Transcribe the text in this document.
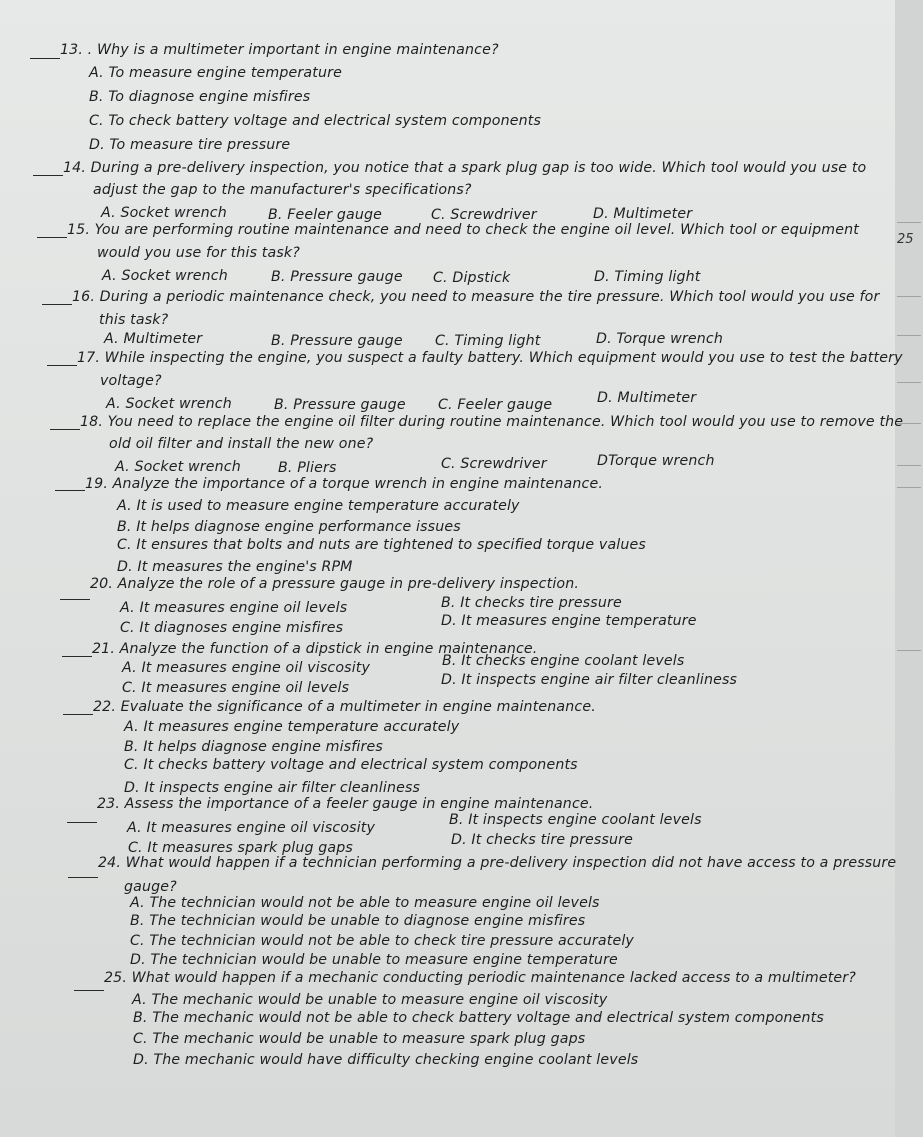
25
13. . Why is a multimeter important in engine maintenance?
A. To measure engine temperature
B. To diagnose engine misfires
C. To check battery voltage and electrical system components
D. To measure tire pressure
14. During a pre-delivery inspection, you notice that a spark plug gap is too wide. Which tool would you use to
adjust the gap to the manufacturer's specifications?
A. Socket wrench	B. Feeler gauge	C. Screwdriver	D. Multimeter
15. You are performing routine maintenance and need to check the engine oil level. Which tool or equipment
would you use for this task?
A. Socket wrench	B. Pressure gauge C. Dipstick	D. Timing light
16. During a periodic maintenance check, you need to measure the tire pressure. Which tool would you use for
this task?
A. Multimeter	B. Pressure gauge C. Timing light	D. Torque wrench
17. While inspecting the engine, you suspect a faulty battery. Which equipment would you use to test the battery
voltage?
A. Socket wrench	B. Pressure gauge C. Feeler gauge	D. Multimeter
18. You need to replace the engine oil filter during routine maintenance. Which tool would you use to remove the
old oil filter and install the new one?
A. Socket wrench	B. Pliers	C. Screwdriver	DTorque wrench
19. Analyze the importance of a torque wrench in engine maintenance.
A. It is used to measure engine temperature accurately
B. It helps diagnose engine performance issues
C. It ensures that bolts and nuts are tightened to specified torque values
D. It measures the engine's RPM
20. Analyze the role of a pressure gauge in pre-delivery inspection.
A. It measures engine oil levels	B. It checks tire pressure
C. It diagnoses engine misfires	D. It measures engine temperature
21. Analyze the function of a dipstick in engine maintenance.
A. It measures engine oil viscosity	B. It checks engine coolant levels
C. It measures engine oil levels	D. It inspects engine air filter cleanliness
22. Evaluate the significance of a multimeter in engine maintenance.
A. It measures engine temperature accurately
B. It helps diagnose engine misfires
C. It checks battery voltage and electrical system components
D. It inspects engine air filter cleanliness
23. Assess the importance of a feeler gauge in engine maintenance.
A. It measures engine oil viscosity	B. It inspects engine coolant levels
C. It measures spark plug gaps	D. It checks tire pressure
24. What would happen if a technician performing a pre-delivery inspection did not have access to a pressure
gauge?
A. The technician would not be able to measure engine oil levels
B. The technician would be unable to diagnose engine misfires
C. The technician would not be able to check tire pressure accurately
D. The technician would be unable to measure engine temperature
25. What would happen if a mechanic conducting periodic maintenance lacked access to a multimeter?
A. The mechanic would be unable to measure engine oil viscosity
B. The mechanic would not be able to check battery voltage and electrical system components
C. The mechanic would be unable to measure spark plug gaps
D. The mechanic would have difficulty checking engine coolant levels
